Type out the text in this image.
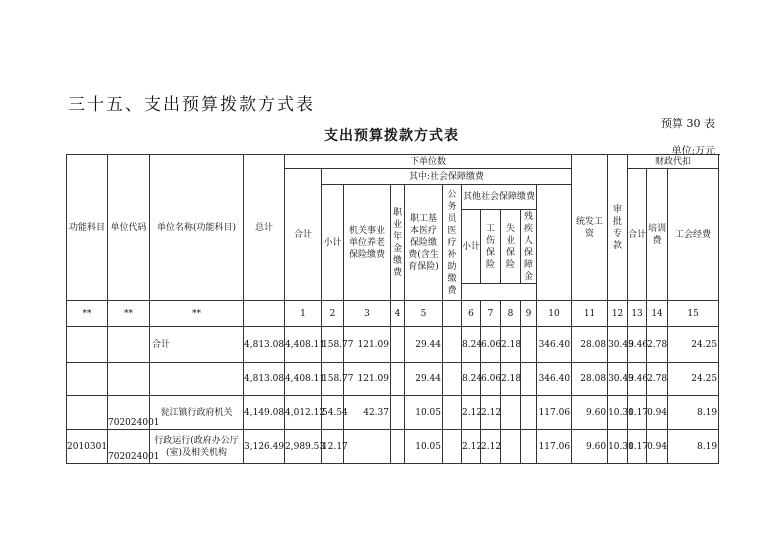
三十五、支出预算拨款方式表
预算 30 表
支出预算拨款方式表
单位:万元
功能科目	单位代码	单位名称(功能科目)	总计	下单位数											统发工资	审批专款	财政代扣			
				合计	其中:社会保障缴费												合计	培训费	工会经费	
					小计	机关事业单位养老保险缴费	职业年金缴费	职工基本医疗保险缴费(含生育保险)	公务员医疗补助缴费	其他社会保障缴费										
										小计	工伤保险	失业保险	残疾人保障金							

**	**	**		1	2	3	4	5		6	7	8	9	10	11	12	13	14	15	
		合计	4,813.08	4,408.11	158.77	121.09		29.44		8.24	6.06	2.18		346.40	28.08	30.49	3.46	2.78	24.25	
			4,813.08	4,408.11	158.77	121.09		29.44		8.24	6.06	2.18		346.40	28.08	30.49	3.46	2.78	24.25	
	702024001	瓮江镇行政府机关	4,149.08	4,012.12	54.54	42.37		10.05		2.12	2.12			117.06	9.60	10.30	1.17	0.94	8.19	
2010301	702024001	行政运行(政府办公厅(室)及相关机构	3,126.49	2,989.53	12.17			10.05		2.12	2.12			117.06	9.60	10.30	1.17	0.94	8.19	
